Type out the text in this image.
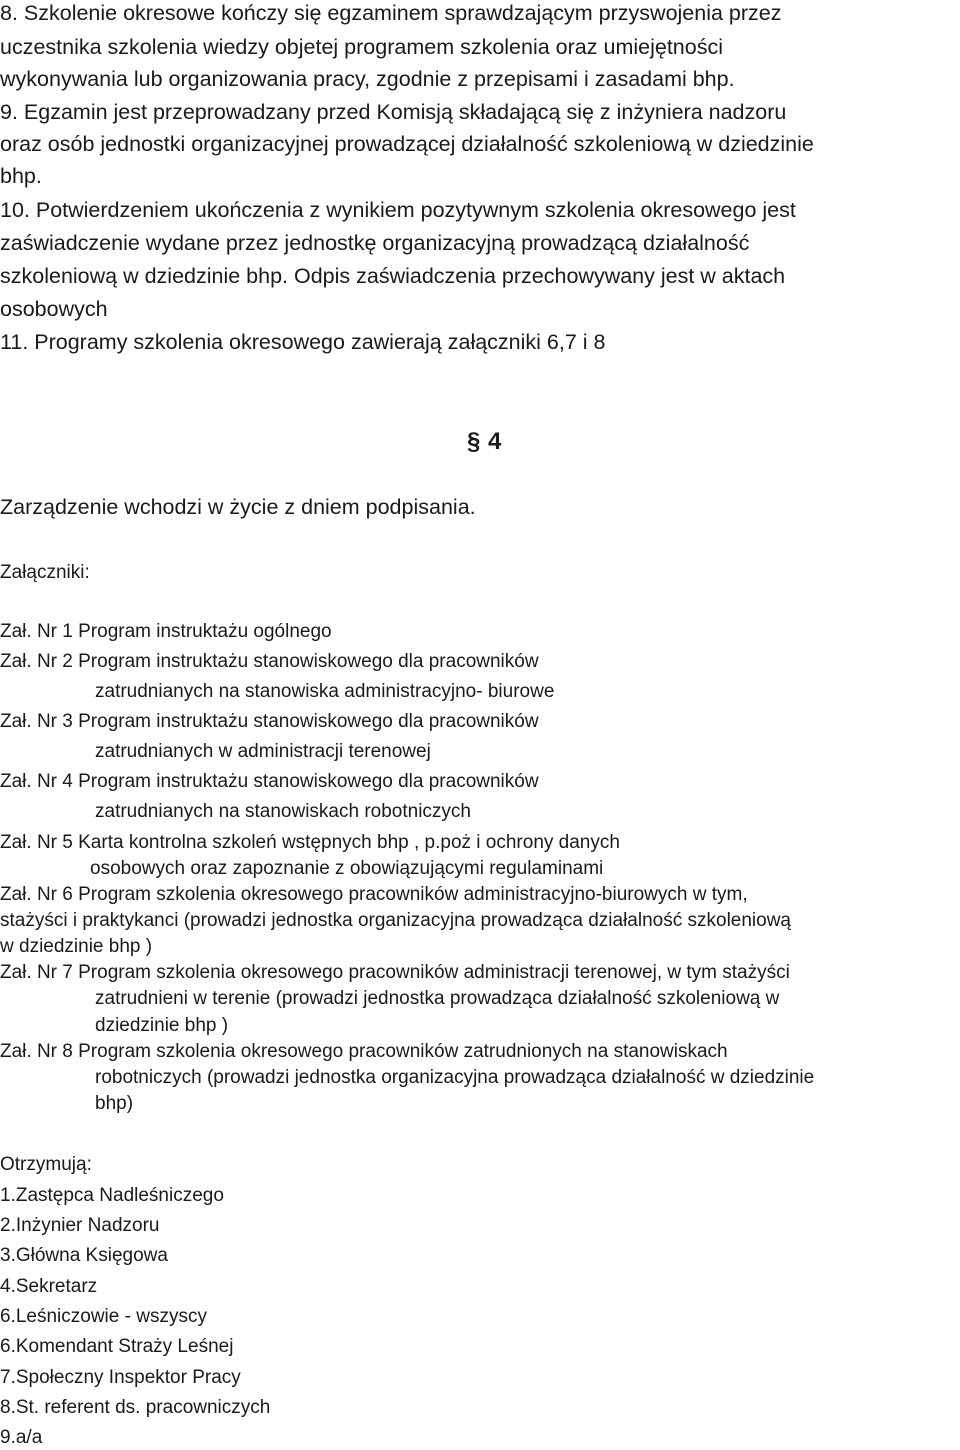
8. Szkolenie okresowe kończy się egzaminem sprawdzającym przyswojenia przez
uczestnika szkolenia wiedzy objetej programem szkolenia oraz umiejętności
wykonywania lub organizowania pracy, zgodnie z przepisami i zasadami bhp.
9. Egzamin jest przeprowadzany przed Komisją składającą się z inżyniera nadzoru
oraz osób jednostki organizacyjnej prowadzącej działalność szkoleniową w dziedzinie
bhp.
10. Potwierdzeniem ukończenia z wynikiem pozytywnym szkolenia okresowego jest
zaświadczenie wydane przez jednostkę organizacyjną prowadzącą działalność
szkoleniową w dziedzinie bhp. Odpis zaświadczenia przechowywany jest w aktach
osobowych
11. Programy szkolenia okresowego zawierają załączniki 6,7 i 8
§ 4
Zarządzenie wchodzi w życie z dniem podpisania.
Załączniki:
Zał. Nr 1 Program instruktażu ogólnego
Zał. Nr 2 Program instruktażu stanowiskowego dla pracowników
zatrudnianych na stanowiska administracyjno- biurowe
Zał. Nr 3 Program instruktażu stanowiskowego dla pracowników
zatrudnianych w administracji terenowej
Zał. Nr 4 Program instruktażu stanowiskowego dla pracowników
zatrudnianych na stanowiskach robotniczych
Zał. Nr 5 Karta kontrolna szkoleń wstępnych bhp , p.poż i ochrony danych
osobowych oraz zapoznanie z obowiązującymi regulaminami
Zał. Nr 6 Program szkolenia okresowego pracowników administracyjno-biurowych w tym,
stażyści i praktykanci (prowadzi jednostka organizacyjna prowadząca działalność szkoleniową
w dziedzinie bhp )
Zał. Nr 7 Program szkolenia okresowego pracowników administracji terenowej, w tym stażyści
zatrudnieni w terenie (prowadzi jednostka prowadząca działalność szkoleniową w
dziedzinie bhp )
Zał. Nr 8 Program szkolenia okresowego pracowników zatrudnionych na stanowiskach
robotniczych (prowadzi jednostka organizacyjna prowadząca działalność w dziedzinie
bhp)
Otrzymują:
1.Zastępca Nadleśniczego
2.Inżynier Nadzoru
3.Główna Księgowa
4.Sekretarz
6.Leśniczowie - wszyscy
6.Komendant Straży Leśnej
7.Społeczny Inspektor Pracy
8.St. referent ds. pracowniczych
9.a/a
